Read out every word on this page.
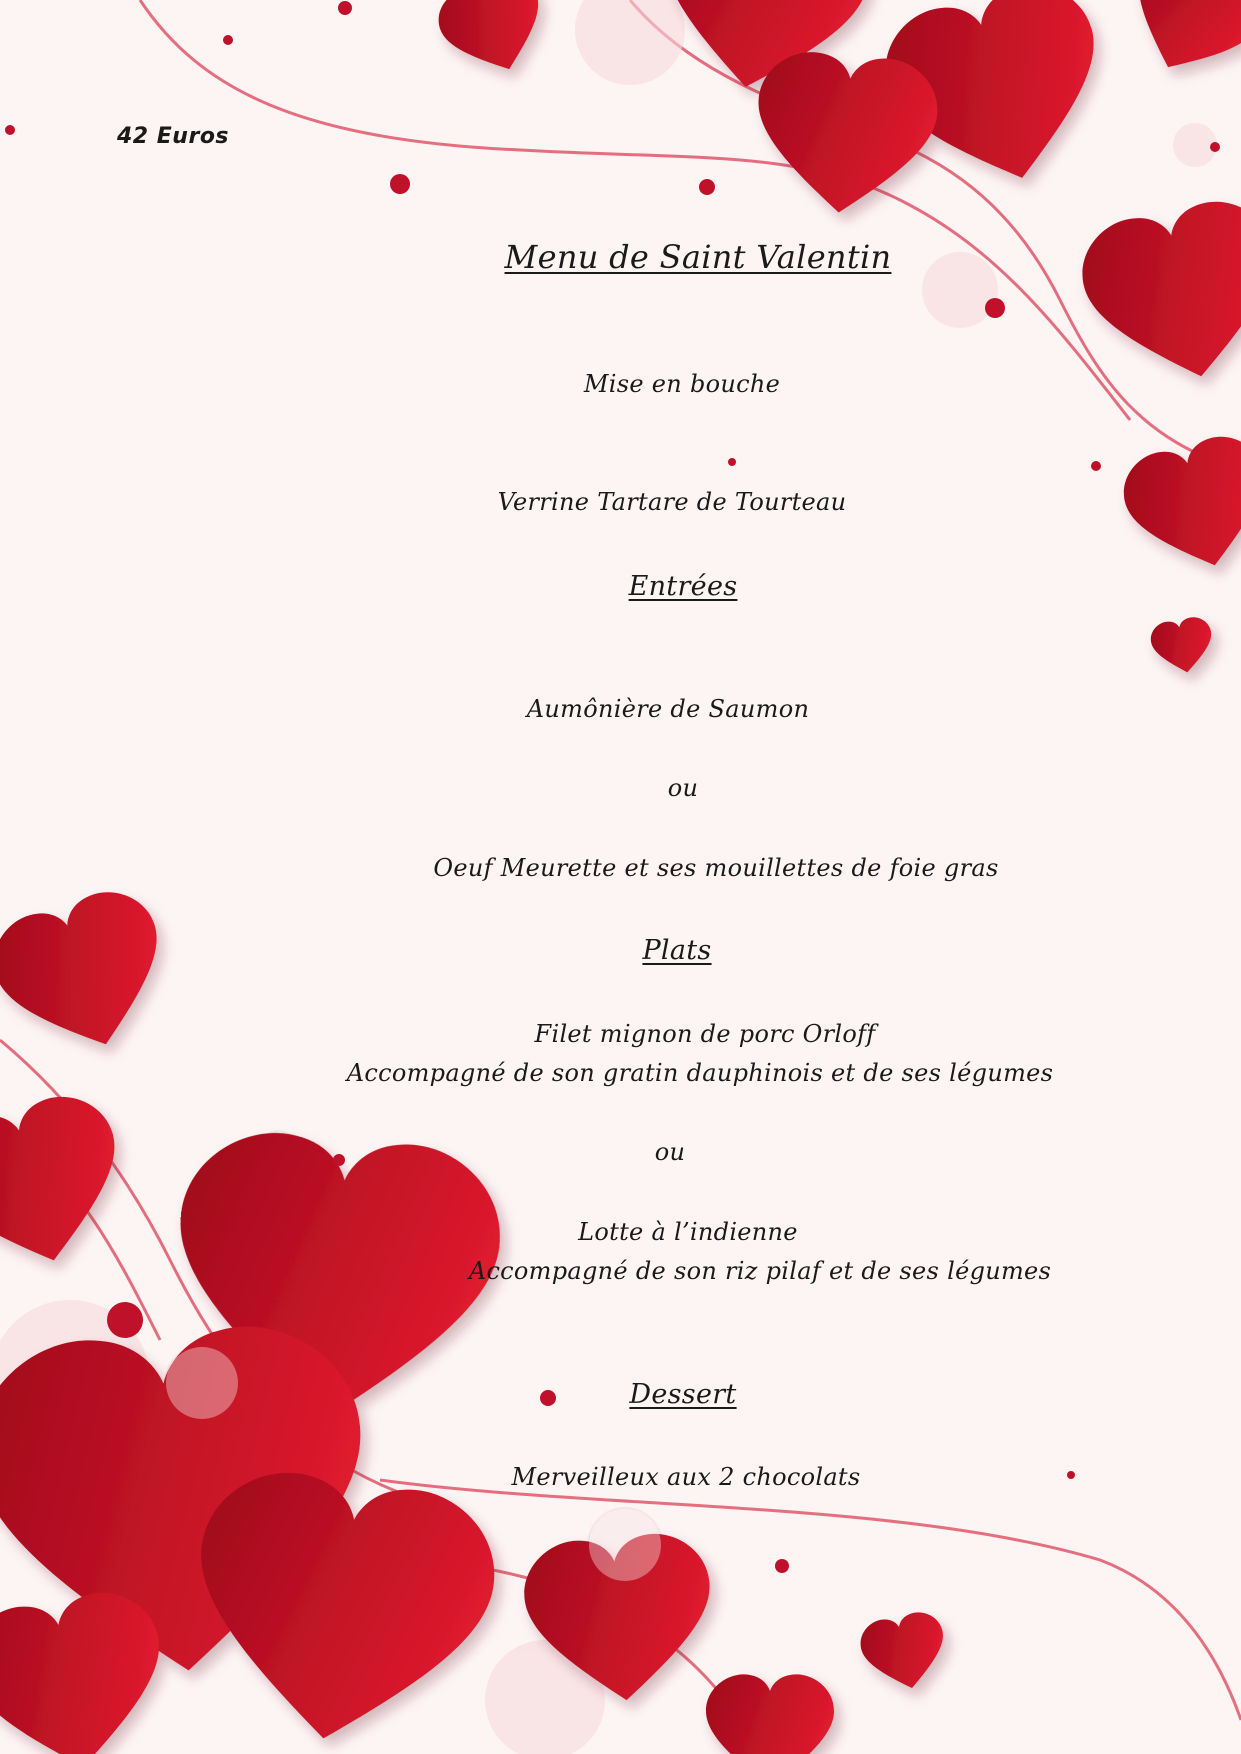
42 Euros
Menu de Saint Valentin
Mise en bouche
Verrine Tartare de Tourteau
Entrées
Aumônière de Saumon
ou
Oeuf Meurette et ses mouillettes de foie gras
Plats
Filet mignon de porc Orloff
Accompagné de son gratin dauphinois et de ses légumes
ou
Lotte à l’indienne
Accompagné de son riz pilaf et de ses légumes
Dessert
Merveilleux aux 2 chocolats
